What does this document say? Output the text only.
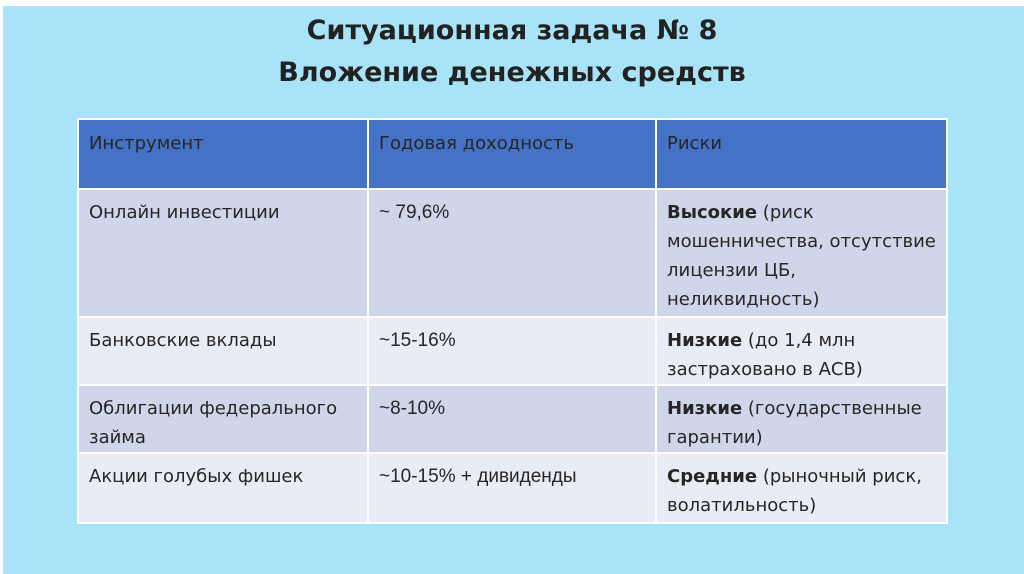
Ситуационная задача № 8
Вложение денежных средств
Инструмент	Годовая доходность	Риски
Онлайн инвестиции	~ 79,6%	Высокие (риск мошенничества, отсутствие лицензии ЦБ, неликвидность)
Банковские вклады	~15-16%	Низкие (до 1,4 млн застраховано в АСВ)
Облигации федерального займа	~8-10%	Низкие (государственные гарантии)
Акции голубых фишек	~10-15% + дивиденды	Средние (рыночный риск, волатильность)
